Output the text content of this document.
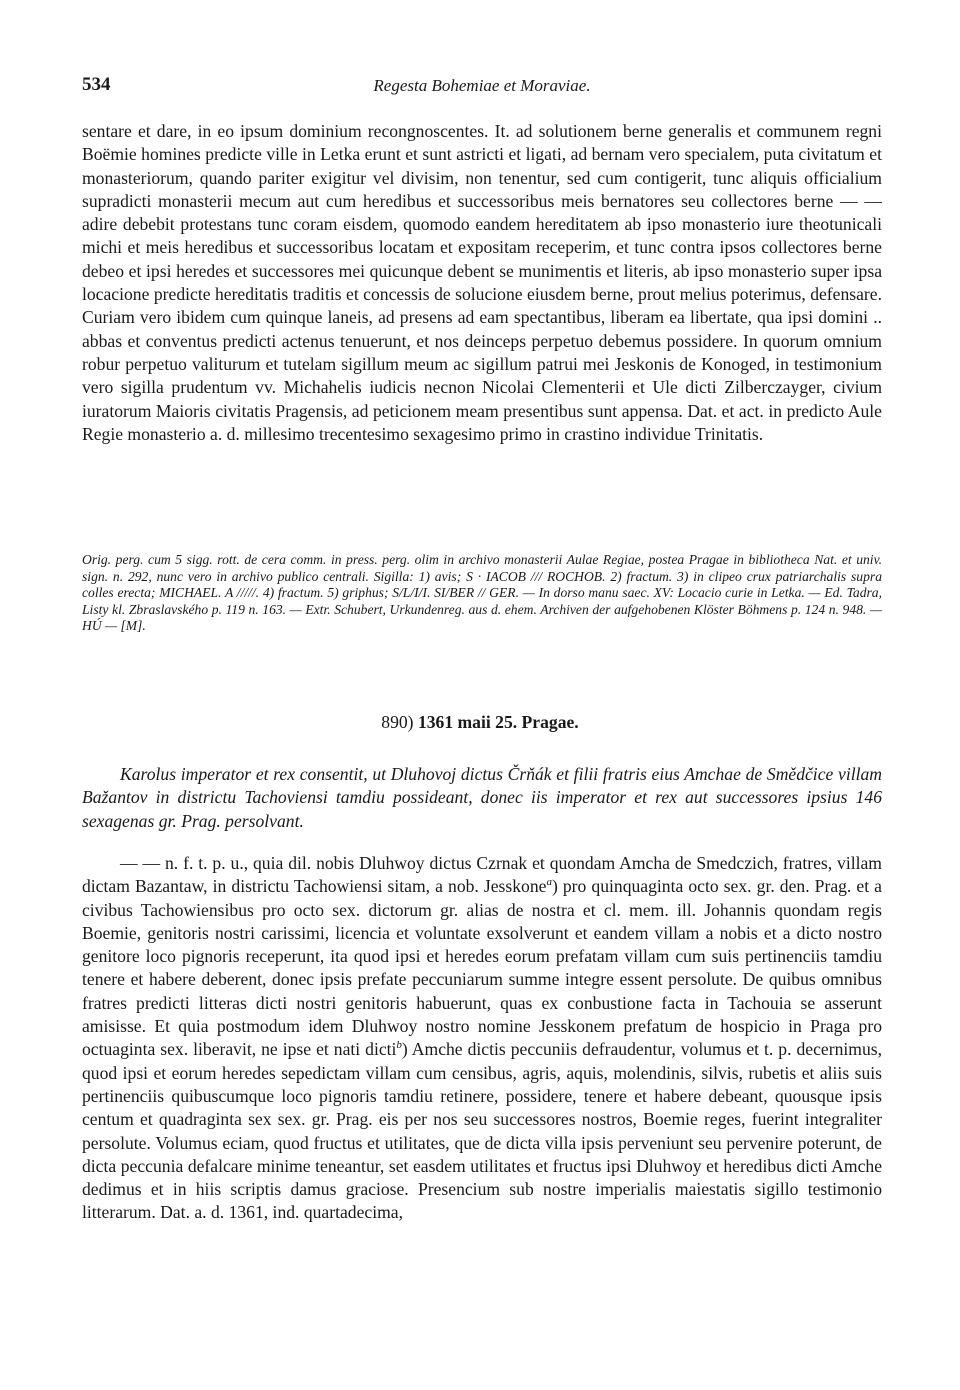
534	Regesta Bohemiae et Moraviae.

sentare et dare, in eo ipsum dominium recongnoscentes. It. ad solutionem berne generalis et communem regni Boëmie homines predicte ville in Letka erunt et sunt astricti et ligati, ad bernam vero specialem, puta civitatum et monasteriorum, quando pariter exigitur vel divisim, non tenentur, sed cum contigerit, tunc aliquis officialium supradicti monasterii mecum aut cum heredibus et successoribus meis bernatores seu collectores berne — — adire debebit protestans tunc coram eisdem, quomodo eandem hereditatem ab ipso monasterio iure theotunicali michi et meis heredibus et successoribus locatam et expositam receperim, et tunc contra ipsos collectores berne debeo et ipsi heredes et successores mei quicunque debent se munimentis et literis, ab ipso monasterio super ipsa locacione predicte hereditatis traditis et concessis de solucione eiusdem berne, prout melius poterimus, defensare. Curiam vero ibidem cum quinque laneis, ad presens ad eam spectantibus, liberam ea libertate, qua ipsi domini .. abbas et conventus predicti actenus tenuerunt, et nos deinceps perpetuo debemus possidere. In quorum omnium robur perpetuo valiturum et tutelam sigillum meum ac sigillum patrui mei Jeskonis de Konoged, in testimonium vero sigilla prudentum vv. Michahelis iudicis necnon Nicolai Clementerii et Ule dicti Zilberczayger, civium iuratorum Maioris civitatis Pragensis, ad peticionem meam presentibus sunt appensa. Dat. et act. in predicto Aule Regie monasterio a. d. millesimo trecentesimo sexagesimo primo in crastino individue Trinitatis.

Orig. perg. cum 5 sigg. rott. de cera comm. in press. perg. olim in archivo monasterii Aulae Regiae, postea Pragae in bibliotheca Nat. et univ. sign. n. 292, nunc vero in archivo publico centrali. Sigilla: 1) avis; S · IACOB /// ROCHOB. 2) fractum. 3) in clipeo crux patriarchalis supra colles erecta; MICHAEL. A /////. 4) fractum. 5) griphus; S/L/I/I. SI/BER // GER. — In dorso manu saec. XV: Locacio curie in Letka. — Ed. Tadra, Listy kl. Zbraslavského p. 119 n. 163. — Extr. Schubert, Urkundenreg. aus d. ehem. Archiven der aufgehobenen Klöster Böhmens p. 124 n. 948. — HÚ — [M].

890) 1361 maii 25. Pragae.

Karolus imperator et rex consentit, ut Dluhovoj dictus Črňák et filii fratris eius Amchae de Smědčice villam Bažantov in districtu Tachoviensi tamdiu possideant, donec iis imperator et rex aut successores ipsius 146 sexagenas gr. Prag. persolvant.

— — n. f. t. p. u., quia dil. nobis Dluhwoy dictus Czrnak et quondam Amcha de Smedczich, fratres, villam dictam Bazantaw, in districtu Tachowiensi sitam, a nob. Jesskone$^a$) pro quinquaginta octo sex. gr. den. Prag. et a civibus Tachowiensibus pro octo sex. dictorum gr. alias de nostra et cl. mem. ill. Johannis quondam regis Boemie, genitoris nostri carissimi, licencia et voluntate exsolverunt et eandem villam a nobis et a dicto nostro genitore loco pignoris receperunt, ita quod ipsi et heredes eorum prefatam villam cum suis pertinenciis tamdiu tenere et habere deberent, donec ipsis prefate peccuniarum summe integre essent persolute. De quibus omnibus fratres predicti litteras dicti nostri genitoris habuerunt, quas ex conbustione facta in Tachouia se asserunt amisisse. Et quia postmodum idem Dluhwoy nostro nomine Jesskonem prefatum de hospicio in Praga pro octuaginta sex. liberavit, ne ipse et nati dicti$^b$) Amche dictis peccuniis defraudentur, volumus et t. p. decernimus, quod ipsi et eorum heredes sepedictam villam cum censibus, agris, aquis, molendinis, silvis, rubetis et aliis suis pertinenciis quibuscumque loco pignoris tamdiu retinere, possidere, tenere et habere debeant, quousque ipsis centum et quadraginta sex sex. gr. Prag. eis per nos seu successores nostros, Boemie reges, fuerint integraliter persolute. Volumus eciam, quod fructus et utilitates, que de dicta villa ipsis perveniunt seu pervenire poterunt, de dicta peccunia defalcare minime teneantur, set easdem utilitates et fructus ipsi Dluhwoy et heredibus dicti Amche dedimus et in hiis scriptis damus graciose. Presencium sub nostre imperialis maiestatis sigillo testimonio litterarum. Dat. a. d. 1361, ind. quartadecima,
